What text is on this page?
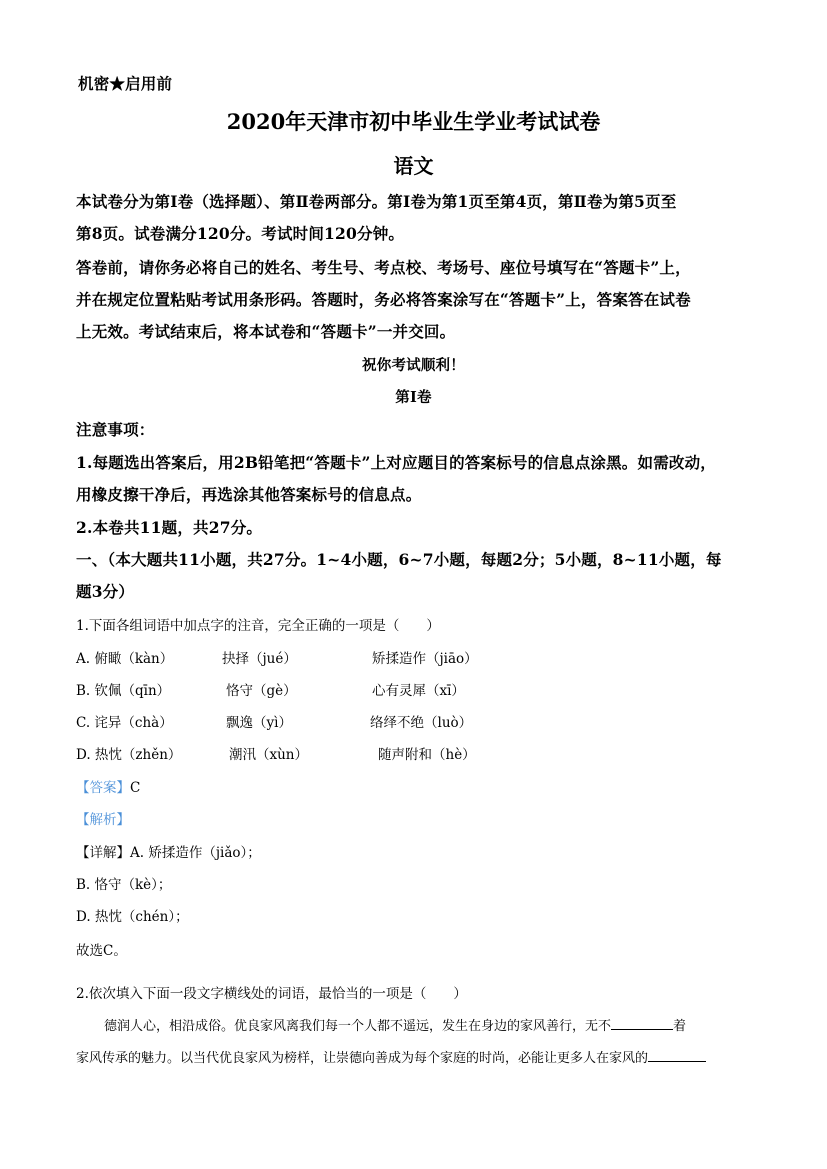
机密★启用前
2020年天津市初中毕业生学业考试试卷
语文
本试卷分为第Ⅰ卷（选择题）、第Ⅱ卷两部分。第Ⅰ卷为第1页至第4页，第Ⅱ卷为第5页至
第8页。试卷满分120分。考试时间120分钟。
答卷前，请你务必将自己的姓名、考生号、考点校、考场号、座位号填写在“答题卡”上，
并在规定位置粘贴考试用条形码。答题时，务必将答案涂写在“答题卡”上，答案答在试卷
上无效。考试结束后，将本试卷和“答题卡”一并交回。
祝你考试顺利！
第Ⅰ卷
注意事项：
1.每题选出答案后，用2B铅笔把“答题卡”上对应题目的答案标号的信息点涂黑。如需改动，
用橡皮擦干净后，再选涂其他答案标号的信息点。
2.本卷共11题，共27分。
一、（本大题共11小题，共27分。1~4小题，6~7小题，每题2分；5小题，8~11小题，每
题3分）
1.下面各组词语中加点字的注音，完全正确的一项是（　　）
A. 俯瞰（kàn）	抉择（jué）	矫揉造作（jiāo）
B. 钦佩（qīn）	恪守（gè）	心有灵犀（xī）
C. 诧异（chà）	飘逸（yì）	络绎不绝（luò）
D. 热忱（zhěn）	潮汛（xùn）	随声附和（hè）
【答案】C
【解析】
【详解】A. 矫揉造作（jiǎo）；
B. 恪守（kè）；
D. 热忱（chén）；
故选C。
2.依次填入下面一段文字横线处的词语，最恰当的一项是（　　）
德润人心，相沿成俗。优良家风离我们每一个人都不遥远，发生在身边的家风善行，无不	着
家风传承的魅力。以当代优良家风为榜样，让崇德向善成为每个家庭的时尚，必能让更多人在家风的
